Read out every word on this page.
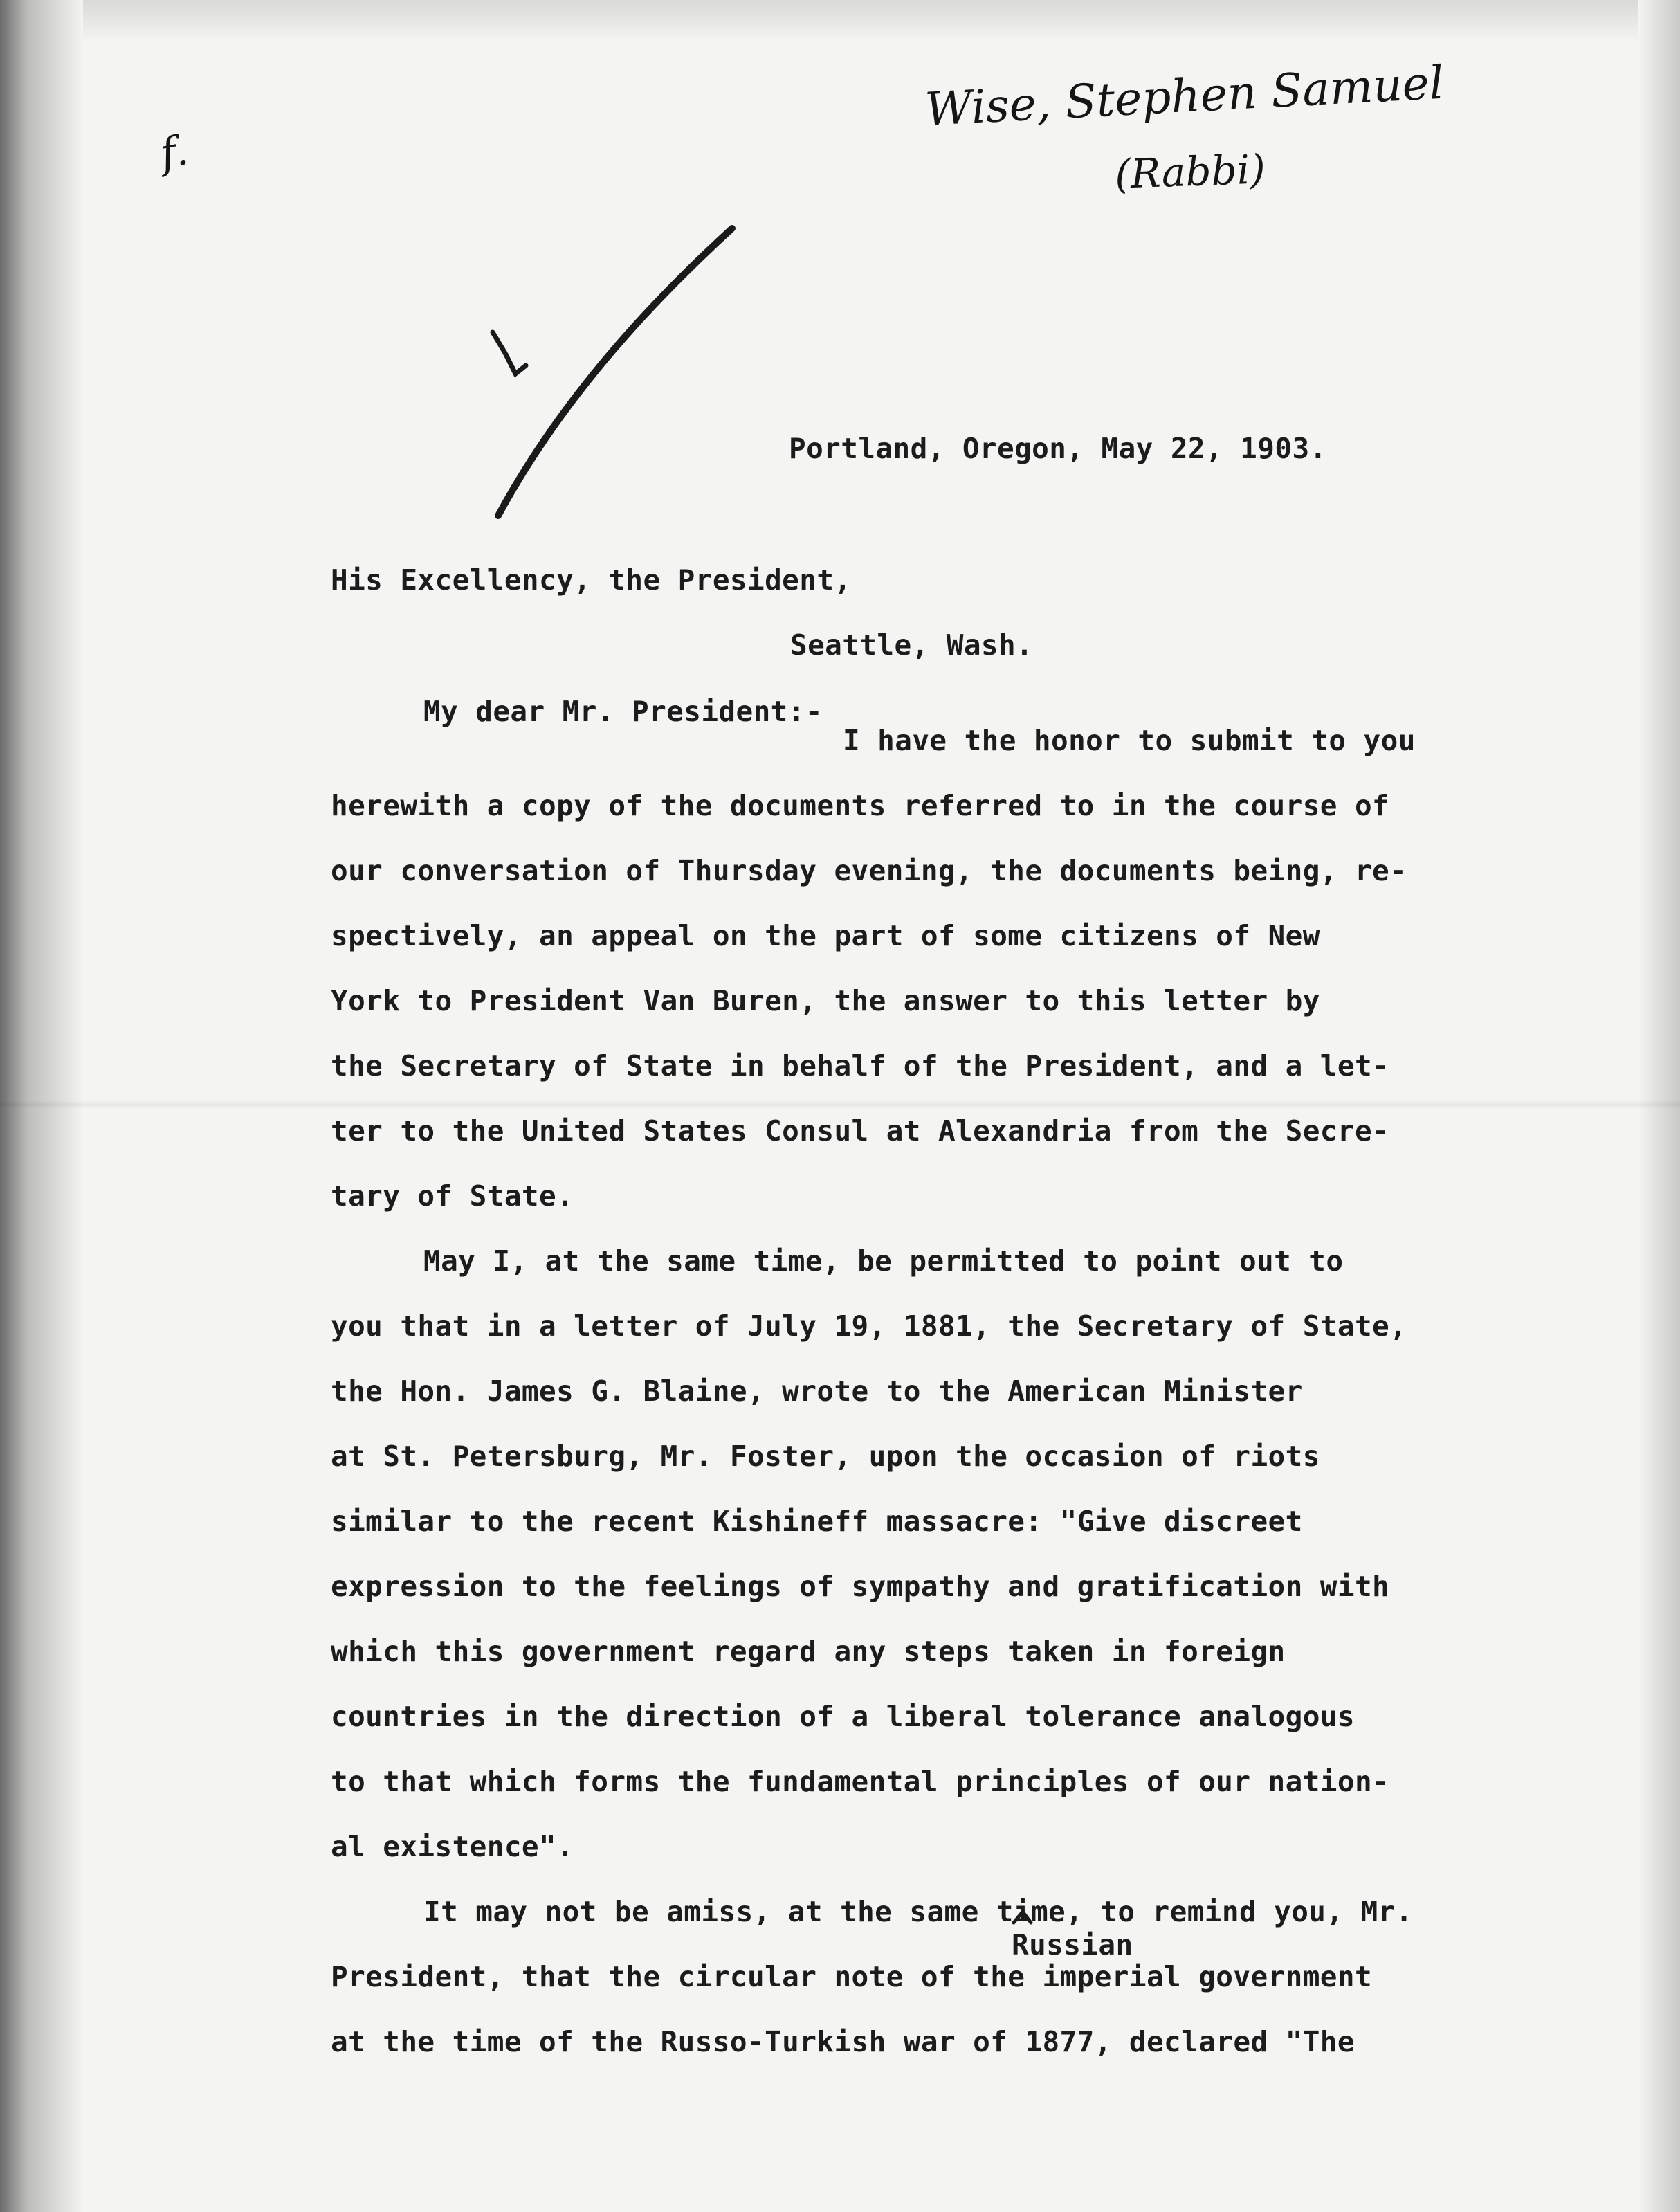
Wise, Stephen Samuel
(Rabbi)
f.
Portland, Oregon, May 22, 1903.
His Excellency, the President,
Seattle, Wash.
My dear Mr. President:-
I have the honor to submit to you
herewith a copy of the documents referred to in the course of
our conversation of Thursday evening, the documents being, re-
spectively, an appeal on the part of some citizens of New
York to President Van Buren, the answer to this letter by
the Secretary of State in behalf of the President, and a let-
ter to the United States Consul at Alexandria from the Secre-
tary of State.
May I, at the same time, be permitted to point out to
you that in a letter of July 19, 1881, the Secretary of State,
the Hon. James G. Blaine, wrote to the American Minister
at St. Petersburg, Mr. Foster, upon the occasion of riots
similar to the recent Kishineff massacre: "Give discreet
expression to the feelings of sympathy and gratification with
which this government regard any steps taken in foreign
countries in the direction of a liberal tolerance analogous
to that which forms the fundamental principles of our nation-
al existence".
It may not be amiss, at the same time, to remind you, Mr.
Russian
President, that the circular note of the imperial government
at the time of the Russo-Turkish war of 1877, declared "The
